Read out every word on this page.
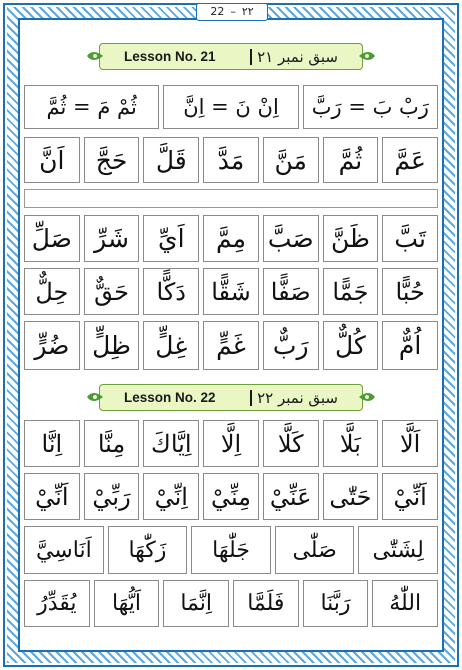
22 – ٢٢
Lesson No. 21	سبق نمبر ٢١
Lesson No. 22	سبق نمبر ٢٢
رَبْ بَ = رَبَّ
اِنْ نَ = اِنَّ
ثُمْ مَ = ثُمَّ
عَمَّ
ثُمَّ
مَنَّ
مَدَّ
قَلَّ
حَجَّ
اَنَّ
تَبَّ
ظَنَّ
صَبَّ
مِمَّ
اَيِّ
شَرِّ
صَلِّ
حُبًّا
جَمًّا
صَفًّا
شَقًّا
دَكًّا
حَقٌّ
حِلٌّ
اُمٌّ
كُلٌّ
رَبٌّ
غَمٍّ
غِلٍّ
ظِلٍّ
ضُرٍّ
اَلَّا
بَلَّا
كَلَّا
اِلَّا
اِيَّاكَ
مِنَّا
اِنَّا
اَنِّيْ
حَتّٰى
عَنِّيْ
مِنِّيْ
اِنِّيْ
رَبِّيْ
اَنِّيْ
لِشَتّٰى
صَلّٰى
جَلّٰهَا
زَكّٰهَا
اَنَاسِيَّ
اللّٰهُ
رَبَّنَا
فَلَمَّا
اِنَّمَا
اَيُّهَا
يُقَدِّرُ
